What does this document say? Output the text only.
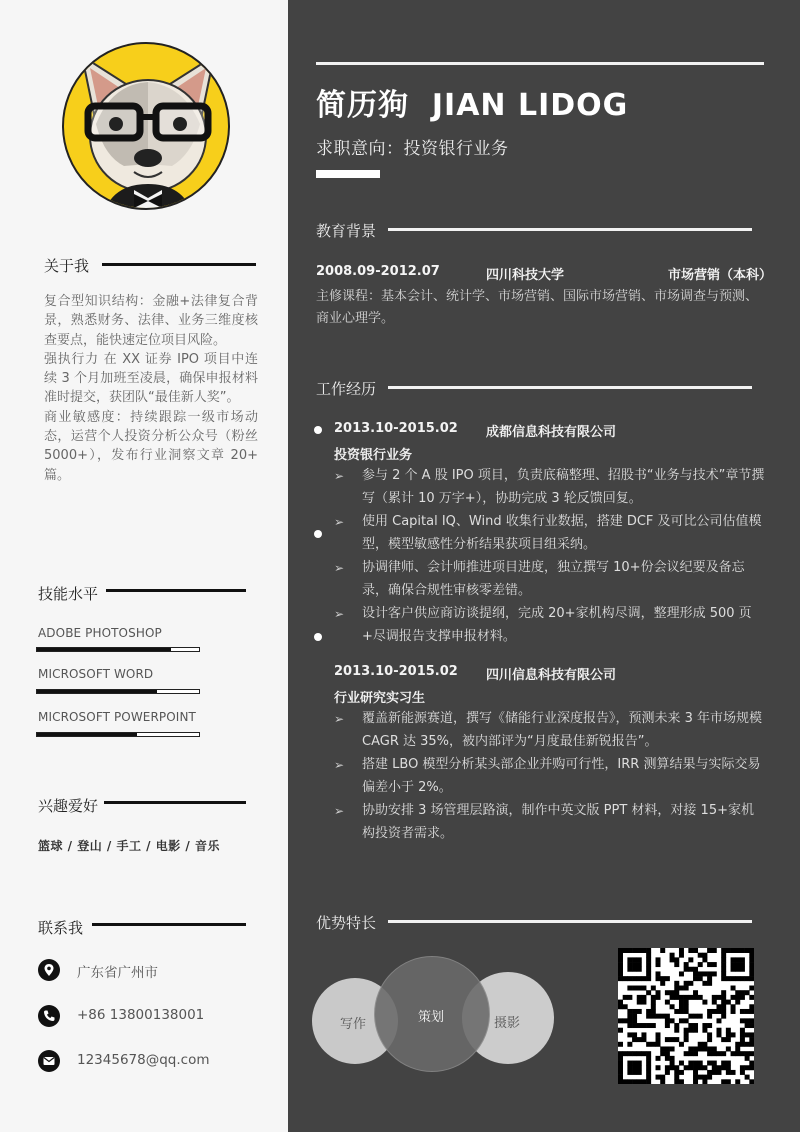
关于我

复合型知识结构：金融+法律复合背景，熟悉财务、法律、业务三维度核查要点，能快速定位项目风险。

强执行力 在 XX 证券 IPO 项目中连续 3 个月加班至凌晨，确保申报材料准时提交，获团队“最佳新人奖”。

商业敏感度：持续跟踪一级市场动态，运营个人投资分析公众号（粉丝 5000+），发布行业洞察文章 20+ 篇。

技能水平
ADOBE PHOTOSHOP
MICROSOFT WORD
MICROSOFT POWERPOINT
兴趣爱好
篮球 / 登山 / 手工 / 电影 / 音乐
联系我
广东省广州市
+86 13800138001
12345678@qq.com
简历狗  JIAN LIDOG
求职意向：投资银行业务
教育背景
2008.09-2012.07	四川科技大学	市场营销（本科）
主修课程：基本会计、统计学、市场营销、国际市场营销、市场调查与预测、商业心理学。
工作经历
2013.10-2015.02 成都信息科技有限公司
投资银行业务
➢ 参与 2 个 A 股 IPO 项目，负责底稿整理、招股书“业务与技术”章节撰写（累计 10 万字+），协助完成 3 轮反馈回复。
➢ 使用 Capital IQ、Wind 收集行业数据，搭建 DCF 及可比公司估值模型，模型敏感性分析结果获项目组采纳。
➢ 协调律师、会计师推进项目进度，独立撰写 10+份会议纪要及备忘录，确保合规性审核零差错。
➢ 设计客户供应商访谈提纲，完成 20+家机构尽调，整理形成 500 页+尽调报告支撑申报材料。
2013.10-2015.02 四川信息科技有限公司
行业研究实习生
➢ 覆盖新能源赛道，撰写《储能行业深度报告》，预测未来 3 年市场规模 CAGR 达 35%，被内部评为“月度最佳新锐报告”。
➢ 搭建 LBO 模型分析某头部企业并购可行性，IRR 测算结果与实际交易偏差小于 2%。
➢ 协助安排 3 场管理层路演，制作中英文版 PPT 材料，对接 15+家机构投资者需求。
优势特长
写作	策划	摄影
